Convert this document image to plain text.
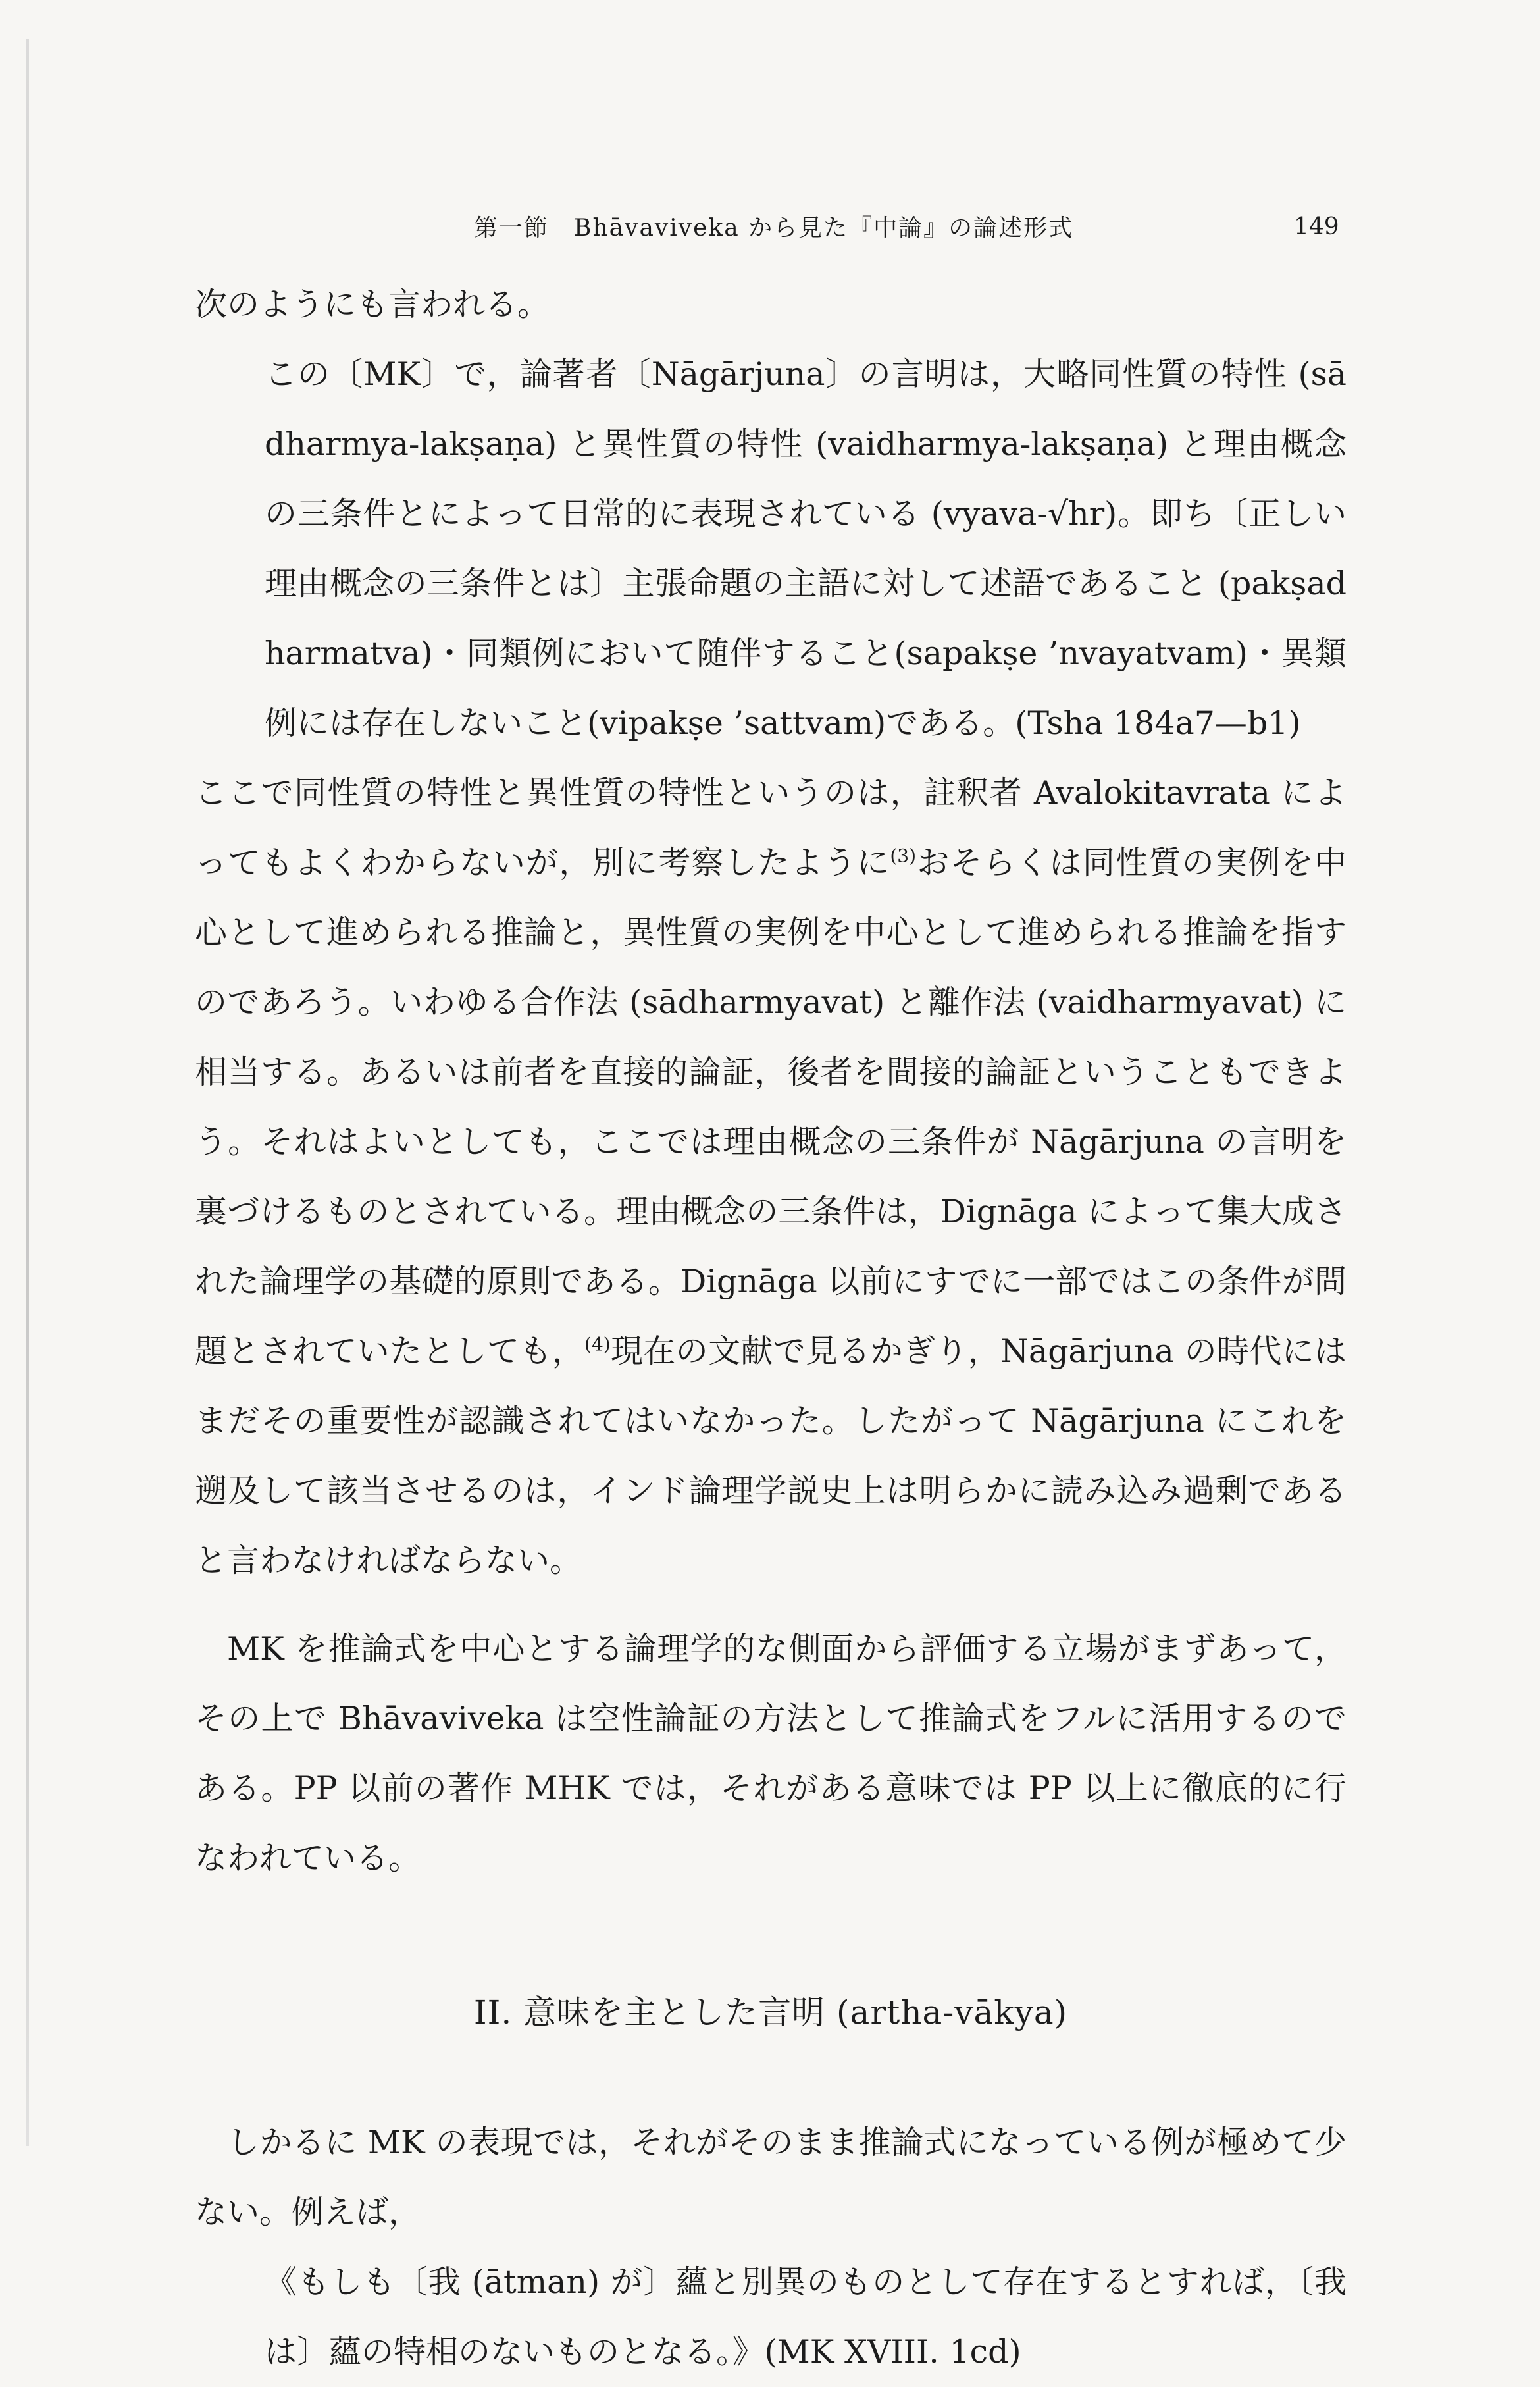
第一節　Bhāvaviveka から見た『中論』の論述形式	149

次のようにも言われる。

この〔MK〕で，論著者〔Nāgārjuna〕の言明は，大略同性質の特性 (sādharmya-lakṣaṇa) と異性質の特性 (vaidharmya-lakṣaṇa) と理由概念の三条件とによって日常的に表現されている (vyava-√hr)。即ち〔正しい理由概念の三条件とは〕主張命題の主語に対して述語であること (pakṣadharmatva)・同類例において随伴すること(sapakṣe ’nvayatvam)・異類例には存在しないこと(vipakṣe ’sattvam)である。(Tsha 184a7—b1)

ここで同性質の特性と異性質の特性というのは，註釈者 Avalokitavrata によってもよくわからないが，別に考察したように$^{(3)}$おそらくは同性質の実例を中心として進められる推論と，異性質の実例を中心として進められる推論を指すのであろう。いわゆる合作法 (sādharmyavat) と離作法 (vaidharmyavat) に相当する。あるいは前者を直接的論証，後者を間接的論証ということもできよう。それはよいとしても，ここでは理由概念の三条件が Nāgārjuna の言明を裏づけるものとされている。理由概念の三条件は，Dignāga によって集大成された論理学の基礎的原則である。Dignāga 以前にすでに一部ではこの条件が問題とされていたとしても，$^{(4)}$現在の文献で見るかぎり，Nāgārjuna の時代にはまだその重要性が認識されてはいなかった。したがって Nāgārjuna にこれを遡及して該当させるのは，インド論理学説史上は明らかに読み込み過剰であると言わなければならない。

MK を推論式を中心とする論理学的な側面から評価する立場がまずあって，その上で Bhāvaviveka は空性論証の方法として推論式をフルに活用するのである。PP 以前の著作 MHK では，それがある意味では PP 以上に徹底的に行なわれている。

II. 意味を主とした言明 (artha-vākya)

しかるに MK の表現では，それがそのまま推論式になっている例が極めて少ない。例えば，

《もしも〔我 (ātman) が〕蘊と別異のものとして存在するとすれば，〔我は〕蘊の特相のないものとなる。》(MK XVIII. 1cd)
